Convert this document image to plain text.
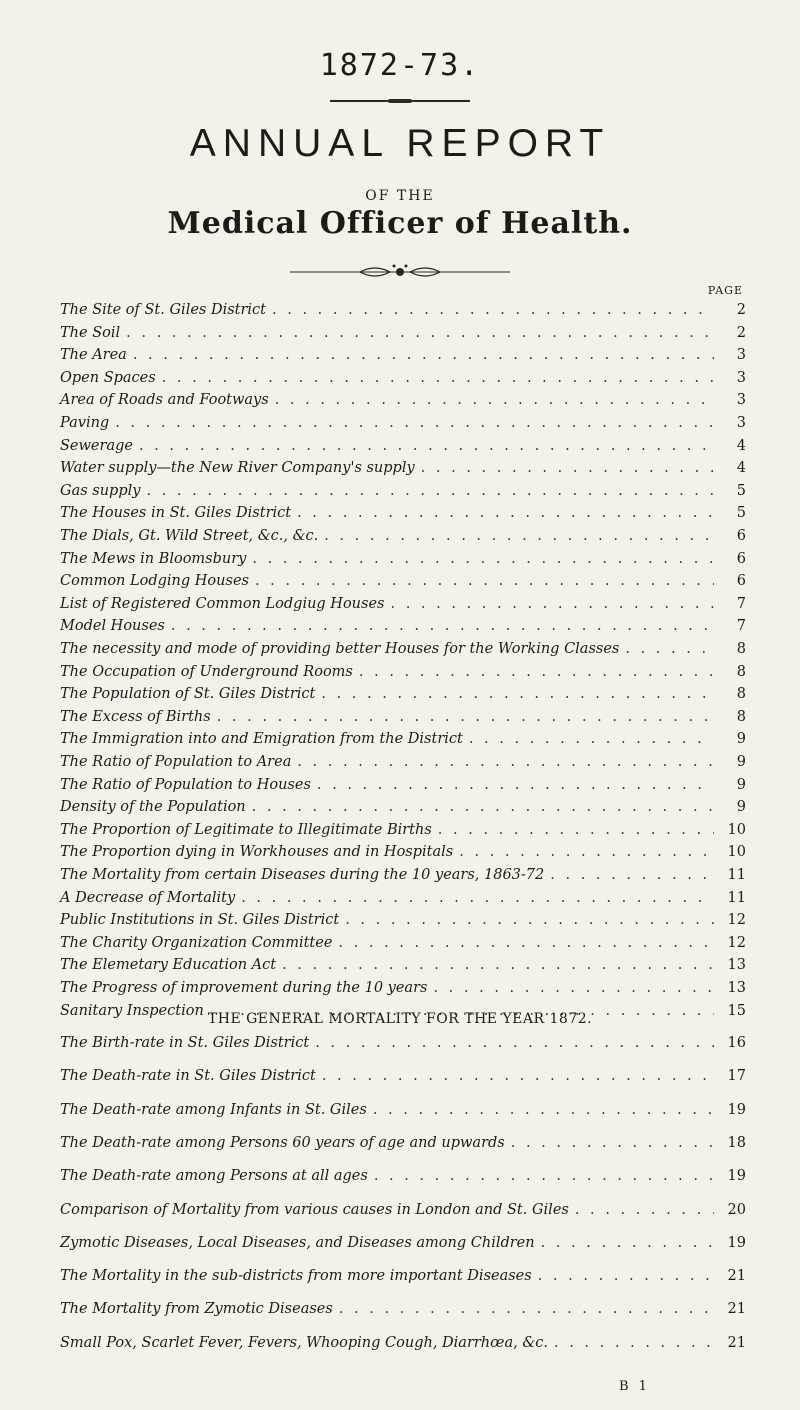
1872-73.
ANNUAL REPORT
OF THE
Medical Officer of Health.
PAGE
The Site of St. Giles District . . .	2
The Soil . . .	2
The Area . . .	3
Open Spaces . . .	3
Area of Roads and Footways . . .	3
Paving . . .	3
Sewerage . . .	4
Water supply—the New River Company's supply . . .	4
Gas supply . . .	5
The Houses in St. Giles District . . .	5
The Dials, Gt. Wild Street, &c., &c. . . .	6
The Mews in Bloomsbury . . .	6
Common Lodging Houses . . .	6
List of Registered Common Lodgiug Houses . . .	7
Model Houses . . .	7
The necessity and mode of providing better Houses for the Working Classes . . .	8
The Occupation of Underground Rooms . . .	8
The Population of St. Giles District . . .	8
The Excess of Births . . .	8
The Immigration into and Emigration from the District . . .	9
The Ratio of Population to Area . . .	9
The Ratio of Population to Houses . . .	9
Density of the Population . . .	9
The Proportion of Legitimate to Illegitimate Births . . .	10
The Proportion dying in Workhouses and in Hospitals . . .	10
The Mortality from certain Diseases during the 10 years, 1863-72 . . .	11
A Decrease of Mortality . . .	11
Public Institutions in St. Giles District . . .	12
The Charity Organization Committee . . .	12
The Elemetary Education Act . . .	13
The Progress of improvement during the 10 years . . .	13
Sanitary Inspection . . .	15
The Birth-rate in St. Giles District . . .	16
The Death-rate in St. Giles District . . .	17
The Death-rate among Infants in St. Giles . . .	19
The Death-rate among Persons 60 years of age and upwards . . .	18
The Death-rate among Persons at all ages . . .	19
Comparison of Mortality from various causes in London and St. Giles . . .	20
Zymotic Diseases, Local Diseases, and Diseases among Children . . .	19
The Mortality in the sub-districts from more important Diseases . . .	21
The Mortality from Zymotic Diseases . . .	21
Small Pox, Scarlet Fever, Fevers, Whooping Cough, Diarrhœa, &c. . . .	21
THE GENERAL MORTALITY FOR THE YEAR 1872.
B 1
